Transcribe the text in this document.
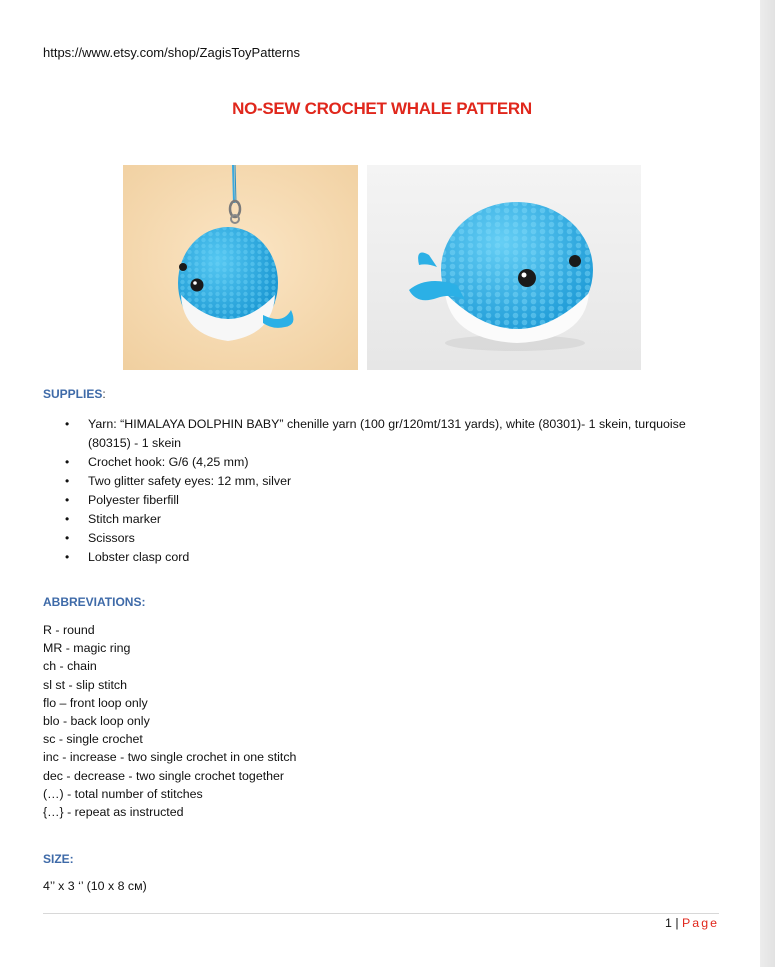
https://www.etsy.com/shop/ZagisToyPatterns
NO-SEW CROCHET WHALE PATTERN
SUPPLIES:
• Yarn: “HIMALAYA DOLPHIN BABY” chenille yarn (100 gr/120mt/131 yards), white (80301)- 1 skein, turquoise (80315) - 1 skein
• Crochet hook: G/6 (4,25 mm)
• Two glitter safety eyes: 12 mm, silver
• Polyester fiberfill
• Stitch marker
• Scissors
• Lobster clasp cord
ABBREVIATIONS:
R - round
MR - magic ring
ch - chain
sl st - slip stitch
flo – front loop only
blo - back loop only
sc - single crochet
inc - increase - two single crochet in one stitch
dec - decrease - two single crochet together
(…) - total number of stitches
{…} - repeat as instructed
SIZE:
4’’ x 3 ‘’ (10 x 8 см)
1 | Page
